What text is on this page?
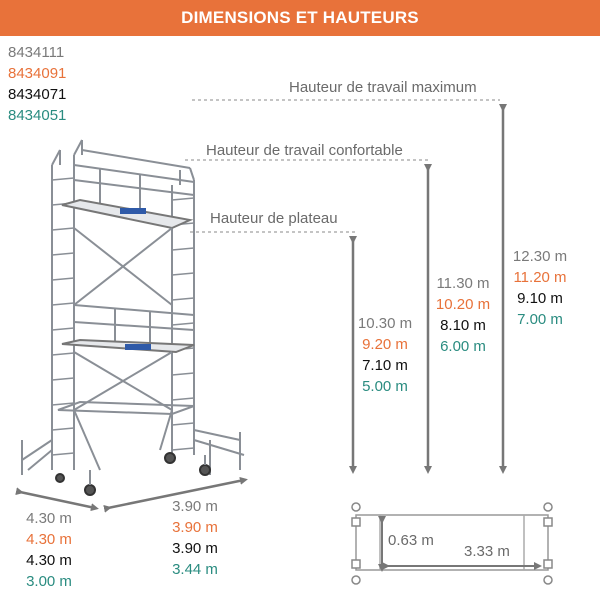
DIMENSIONS ET HAUTEURS
8434111
8434091
8434071
8434051
Hauteur de travail maximum
Hauteur de travail confortable
Hauteur de plateau
10.30 m
9.20 m
7.10 m
5.00 m
11.30 m
10.20 m
8.10 m
6.00 m
12.30 m
11.20 m
9.10 m
7.00 m
4.30 m
4.30 m
4.30 m
3.00 m
3.90 m
3.90 m
3.90 m
3.44 m
0.63 m
3.33 m
